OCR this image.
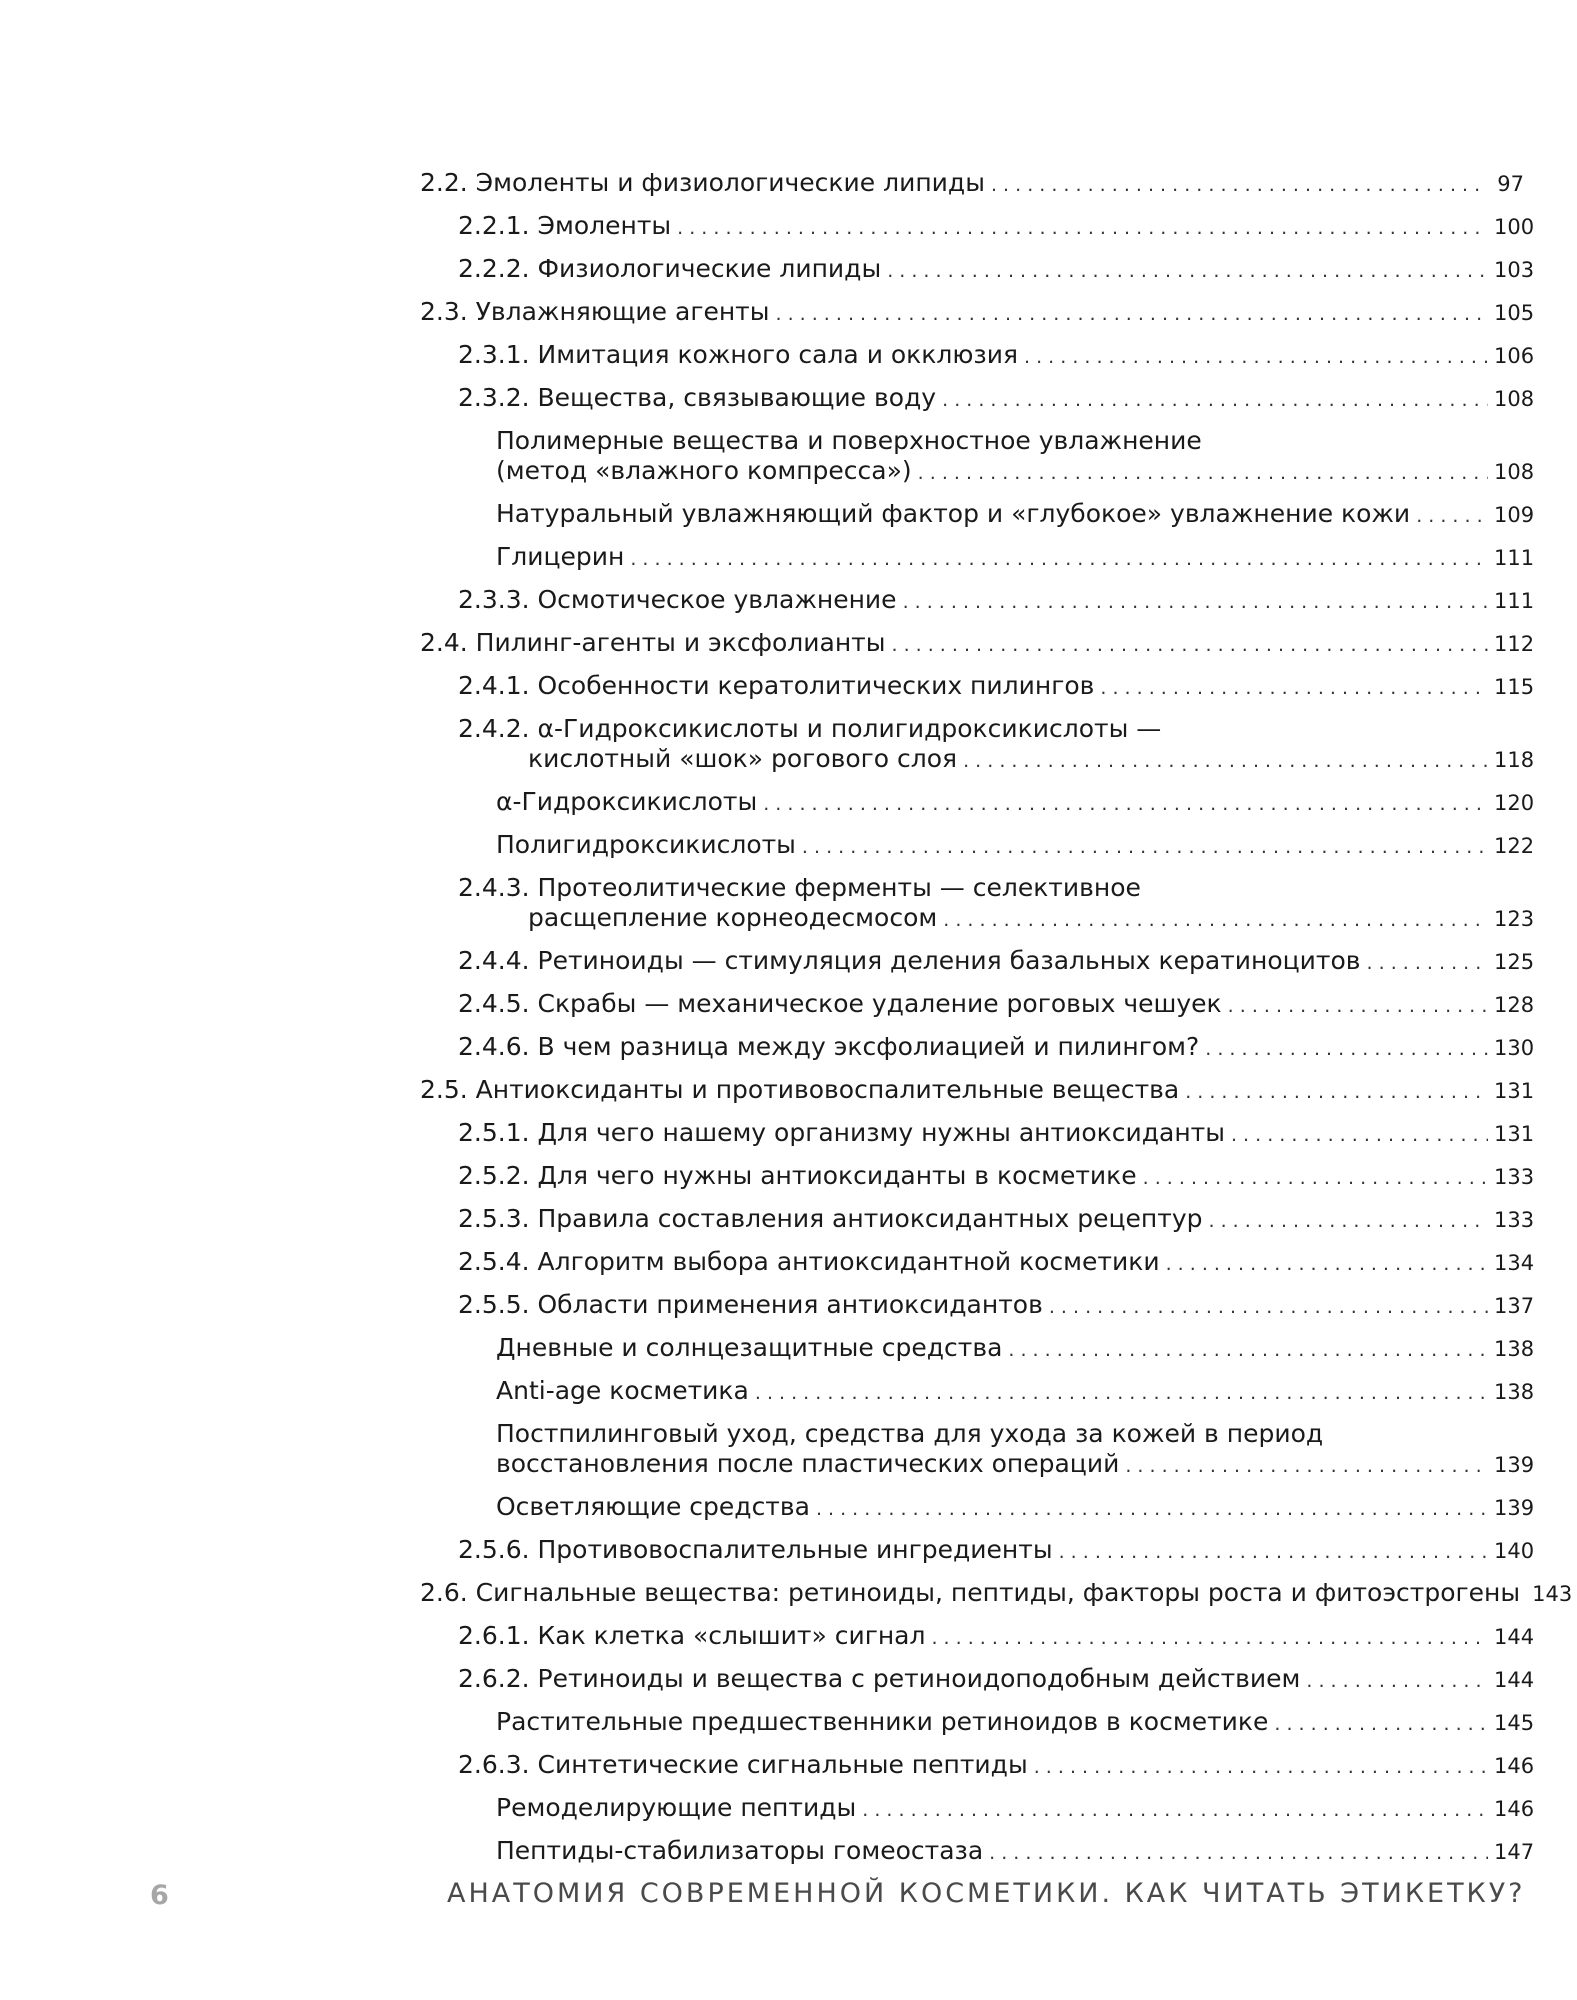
2.2. Эмоленты и физиологические липиды . . .	97
2.2.1. Эмоленты . . .	100
2.2.2. Физиологические липиды . . .	103
2.3. Увлажняющие агенты . . .	105
2.3.1. Имитация кожного сала и окклюзия . . .	106
2.3.2. Вещества, связывающие воду . . .	108
Полимерные вещества и поверхностное увлажнение
(метод «влажного компресса») . . .	108
Натуральный увлажняющий фактор и «глубокое» увлажнение кожи . . .	109
Глицерин . . .	111
2.3.3. Осмотическое увлажнение . . .	111
2.4. Пилинг-агенты и эксфолианты . . .	112
2.4.1. Особенности кератолитических пилингов . . .	115
2.4.2. α-Гидроксикислоты и полигидроксикислоты —
кислотный «шок» рогового слоя . . .	118
α-Гидроксикислоты . . .	120
Полигидроксикислоты . . .	122
2.4.3. Протеолитические ферменты — селективное
расщепление корнеодесмосом . . .	123
2.4.4. Ретиноиды — стимуляция деления базальных кератиноцитов . . .	125
2.4.5. Скрабы — механическое удаление роговых чешуек . . .	128
2.4.6. В чем разница между эксфолиацией и пилингом? . . .	130
2.5. Антиоксиданты и противовоспалительные вещества . . .	131
2.5.1. Для чего нашему организму нужны антиоксиданты . . .	131
2.5.2. Для чего нужны антиоксиданты в косметике . . .	133
2.5.3. Правила составления антиоксидантных рецептур . . .	133
2.5.4. Алгоритм выбора антиоксидантной косметики . . .	134
2.5.5. Области применения антиоксидантов . . .	137
Дневные и солнцезащитные средства . . .	138
Anti-age косметика . . .	138
Постпилинговый уход, средства для ухода за кожей в период
восстановления после пластических операций . . .	139
Осветляющие средства . . .	139
2.5.6. Противовоспалительные ингредиенты . . .	140
2.6. Сигнальные вещества: ретиноиды, пептиды, факторы роста и фитоэстрогены 143
2.6.1. Как клетка «слышит» сигнал . . .	144
2.6.2. Ретиноиды и вещества с ретиноидоподобным действием . . .	144
Растительные предшественники ретиноидов в косметике . . .	145
2.6.3. Синтетические сигнальные пептиды . . .	146
Ремоделирующие пептиды . . .	146
Пептиды-стабилизаторы гомеостаза . . .	147
6	АНАТОМИЯ СОВРЕМЕННОЙ КОСМЕТИКИ. КАК ЧИТАТЬ ЭТИКЕТКУ?
